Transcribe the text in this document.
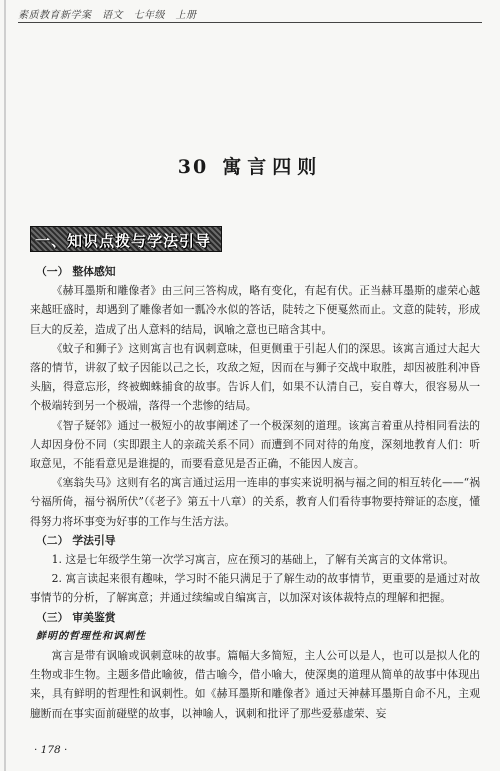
素质教育新学案　语文　七年级　上册
30 寓言四则
一、知识点拨与学法引导
（一） 整体感知

《赫耳墨斯和雕像者》由三问三答构成，略有变化，有起有伏。正当赫耳墨斯的虚荣心越来越旺盛时，却遇到了雕像者如一瓢冷水似的答话，陡转之下便戛然而止。文意的陡转，形成巨大的反差，造成了出人意料的结局，讽喻之意也已暗含其中。

《蚊子和狮子》这则寓言也有讽刺意味，但更侧重于引起人们的深思。该寓言通过大起大落的情节，讲叙了蚊子因能以己之长，攻敌之短，因而在与狮子交战中取胜，却因被胜利冲昏头脑，得意忘形，终被蜘蛛捕食的故事。告诉人们，如果不认清自己，妄自尊大，很容易从一个极端转到另一个极端，落得一个悲惨的结局。

《智子疑邻》通过一极短小的故事阐述了一个极深刻的道理。该寓言着重从持相同看法的人却因身份不同（实即跟主人的亲疏关系不同）而遭到不同对待的角度，深刻地教育人们：听取意见，不能看意见是谁提的，而要看意见是否正确，不能因人废言。

《塞翁失马》这则有名的寓言通过运用一连串的事实来说明祸与福之间的相互转化——“祸兮福所倚，福兮祸所伏”（《老子》第五十八章）的关系，教育人们看待事物要持辩证的态度，懂得努力将坏事变为好事的工作与生活方法。

（二） 学法引导

1. 这是七年级学生第一次学习寓言，应在预习的基础上，了解有关寓言的文体常识。

2. 寓言读起来很有趣味，学习时不能只满足于了解生动的故事情节，更重要的是通过对故事情节的分析，了解寓意；并通过续编或自编寓言，以加深对该体裁特点的理解和把握。

（三） 审美鉴赏
鲜明的哲理性和讽刺性

寓言是带有讽喻或讽刺意味的故事。篇幅大多简短，主人公可以是人，也可以是拟人化的生物或非生物。主题多借此喻彼，借古喻今，借小喻大，使深奥的道理从简单的故事中体现出来，具有鲜明的哲理性和讽刺性。如《赫耳墨斯和雕像者》通过天神赫耳墨斯自命不凡，主观臆断而在事实面前碰壁的故事，以神喻人，讽刺和批评了那些爱慕虚荣、妄

· 178 ·
